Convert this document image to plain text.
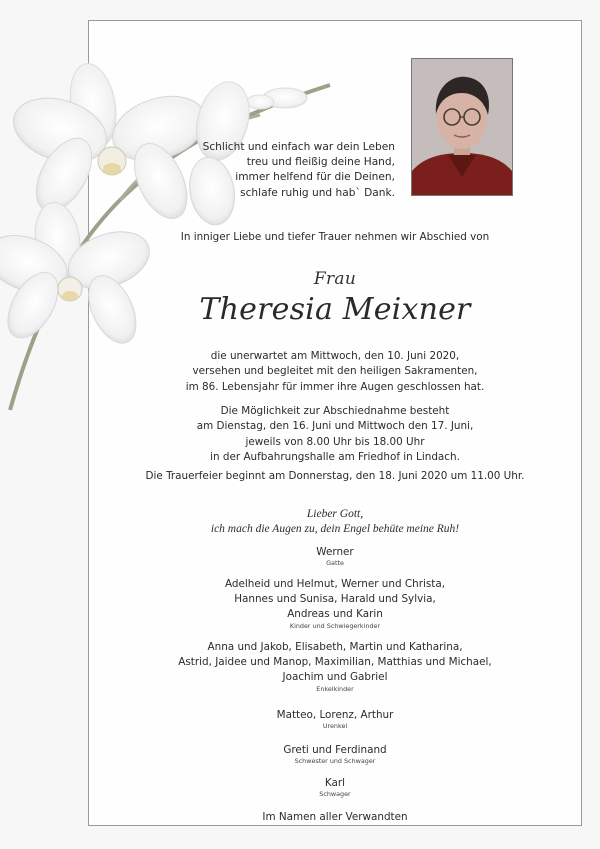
Schlicht und einfach war dein Leben
treu und fleißig deine Hand,
immer helfend für die Deinen,
schlafe ruhig und hab` Dank.
In inniger Liebe und tiefer Trauer nehmen wir Abschied von
Frau
Theresia Meixner
die unerwartet am Mittwoch, den 10. Juni 2020,
versehen und begleitet mit den heiligen Sakramenten,
im 86. Lebensjahr für immer ihre Augen geschlossen hat.
Die Möglichkeit zur Abschiednahme besteht
am Dienstag, den 16. Juni und Mittwoch den 17. Juni,
jeweils von 8.00 Uhr bis 18.00 Uhr
in der Aufbahrungshalle am Friedhof in Lindach.
Die Trauerfeier beginnt am Donnerstag, den 18. Juni 2020 um 11.00 Uhr.
Lieber Gott,
ich mach die Augen zu, dein Engel behüte meine Ruh!
Werner
Gatte
Adelheid und Helmut, Werner und Christa,
Hannes und Sunisa, Harald und Sylvia,
Andreas und Karin
Kinder und Schwiegerkinder
Anna und Jakob, Elisabeth, Martin und Katharina,
Astrid, Jaidee und Manop, Maximilian, Matthias und Michael,
Joachim und Gabriel
Enkelkinder
Matteo, Lorenz, Arthur
Urenkel
Greti und Ferdinand
Schwester und Schwager
Karl
Schwager
Im Namen aller Verwandten
